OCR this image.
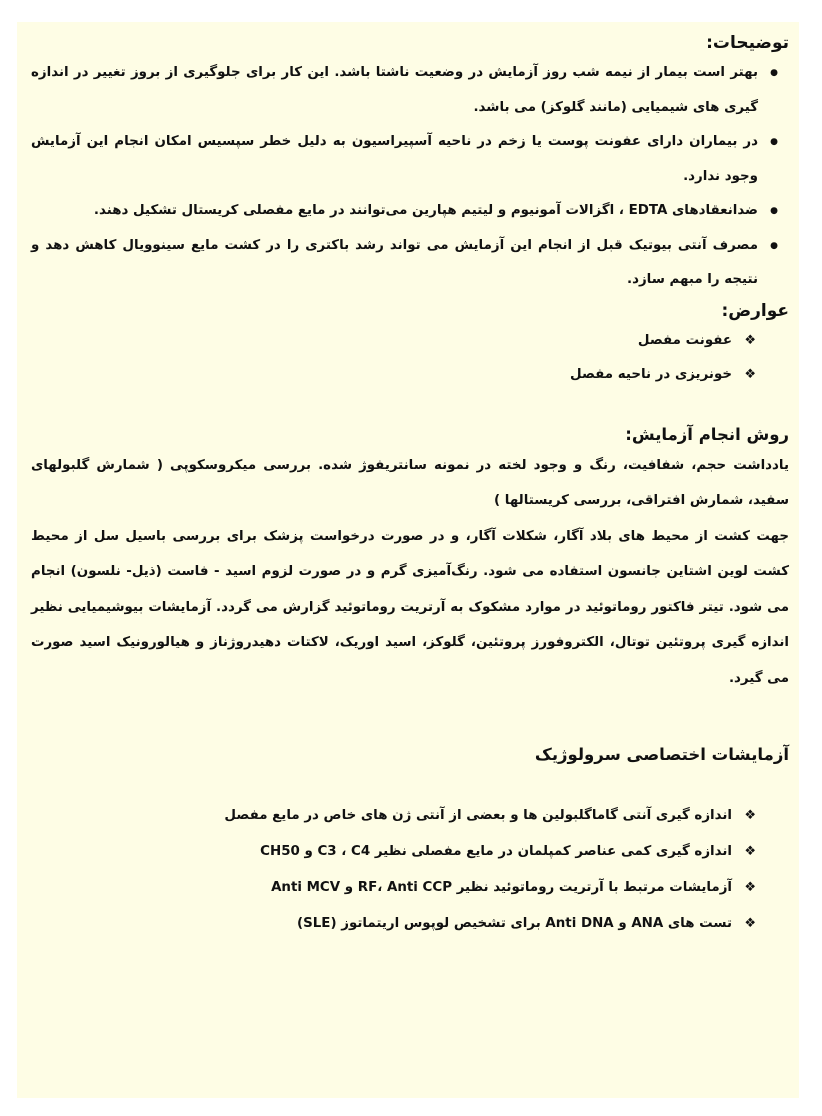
توضیحات:
● بهتر است بیمار از نیمه شب روز آزمایش در وضعیت ناشتا باشد. این کار برای جلوگیری از بروز تغییر در اندازه گیری های شیمیایی (مانند گلوکز) می باشد.
● در بیماران دارای عفونت پوست یا زخم در ناحیه آسپیراسیون به دلیل خطر سپسیس امکان انجام این آزمایش وجود ندارد.
● ضدانعقادهای EDTA ، اگزالات آمونیوم و لیتیم هپارین می‌توانند در مایع مفصلی کریستال تشکیل دهند.
● مصرف آنتی بیوتیک قبل از انجام این آزمایش می تواند رشد باکتری را در کشت مایع سینوویال کاهش دهد و نتیجه را مبهم سازد.
عوارض:
❖ عفونت مفصل
❖ خونریزی در ناحیه مفصل
روش انجام آزمایش:

یادداشت حجم، شفافیت، رنگ و وجود لخته در نمونه سانتریفوژ شده. بررسی میکروسکوپی ( شمارش گلبولهای سفید، شمارش افتراقی، بررسی کریستالها )

جهت کشت از محیط های بلاد آگار، شکلات آگار، و در صورت درخواست پزشک برای بررسی باسیل سل از محیط کشت لوین اشتاین جانسون استفاده می شود. رنگ‌آمیزی گرم و در صورت لزوم اسید - فاست (ذیل- نلسون) انجام می شود. تیتر فاکتور روماتوئید در موارد مشکوک به آرتریت روماتوئید گزارش می گردد. آزمایشات بیوشیمیایی نظیر اندازه گیری پروتئین توتال، الکتروفورز پروتئین، گلوکز، اسید اوریک، لاکتات دهیدروژناز و هیالورونیک اسید صورت می گیرد.

آزمایشات اختصاصی سرولوژیک
❖ اندازه گیری آنتی گاماگلبولین ها و بعضی از آنتی ژن های خاص در مایع مفصل
❖ اندازه گیری کمی عناصر کمپلمان در مایع مفصلی نظیر C3 ، C4 و CH50
❖ آزمایشات مرتبط با آرتریت روماتوئید نظیر RF، Anti CCP و Anti MCV
❖ تست های ANA و Anti DNA برای تشخیص لوپوس اریتماتوز (SLE)
